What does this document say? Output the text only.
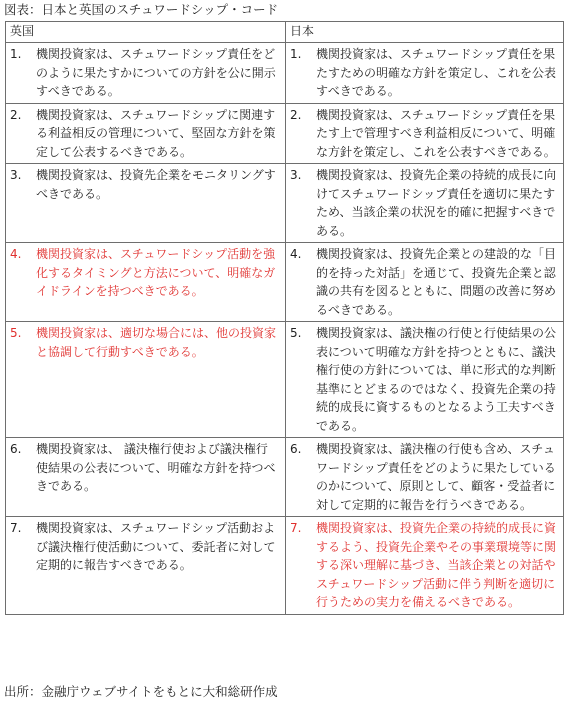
図表：日本と英国のスチュワードシップ・コード
英国	日本

1. 機関投資家は、スチュワードシップ責任をどのように果たすかについての方針を公に開示すべきである。	1. 機関投資家は、スチュワードシップ責任を果たすための明確な方針を策定し、これを公表すべきである。

2. 機関投資家は、スチュワードシップに関連する利益相反の管理について、堅固な方針を策定して公表するべきである。	2. 機関投資家は、スチュワードシップ責任を果たす上で管理すべき利益相反について、明確な方針を策定し、これを公表すべきである。

3. 機関投資家は、投資先企業をモニタリングすべきである。	3. 機関投資家は、投資先企業の持続的成長に向けてスチュワードシップ責任を適切に果たすため、当該企業の状況を的確に把握すべきである。

4. 機関投資家は、スチュワードシップ活動を強化するタイミングと方法について、明確なガイドラインを持つべきである。	4. 機関投資家は、投資先企業との建設的な「目的を持った対話」を通じて、投資先企業と認識の共有を図るとともに、問題の改善に努めるべきである。

5. 機関投資家は、適切な場合には、他の投資家と協調して行動すべきである。	5. 機関投資家は、議決権の行使と行使結果の公表について明確な方針を持つとともに、議決権行使の方針については、単に形式的な判断基準にとどまるのではなく、投資先企業の持続的成長に資するものとなるよう工夫すべきである。

6. 機関投資家は、 議決権行使および議決権行使結果の公表について、明確な方針を持つべきである。	6. 機関投資家は、議決権の行使も含め、スチュワードシップ責任をどのように果たしているのかについて、原則として、顧客・受益者に対して定期的に報告を行うべきである。

7. 機関投資家は、スチュワードシップ活動および議決権行使活動について、委託者に対して定期的に報告すべきである。	7. 機関投資家は、投資先企業の持続的成長に資するよう、投資先企業やその事業環境等に関する深い理解に基づき、当該企業との対話やスチュワードシップ活動に伴う判断を適切に行うための実力を備えるべきである。
出所：金融庁ウェブサイトをもとに大和総研作成
